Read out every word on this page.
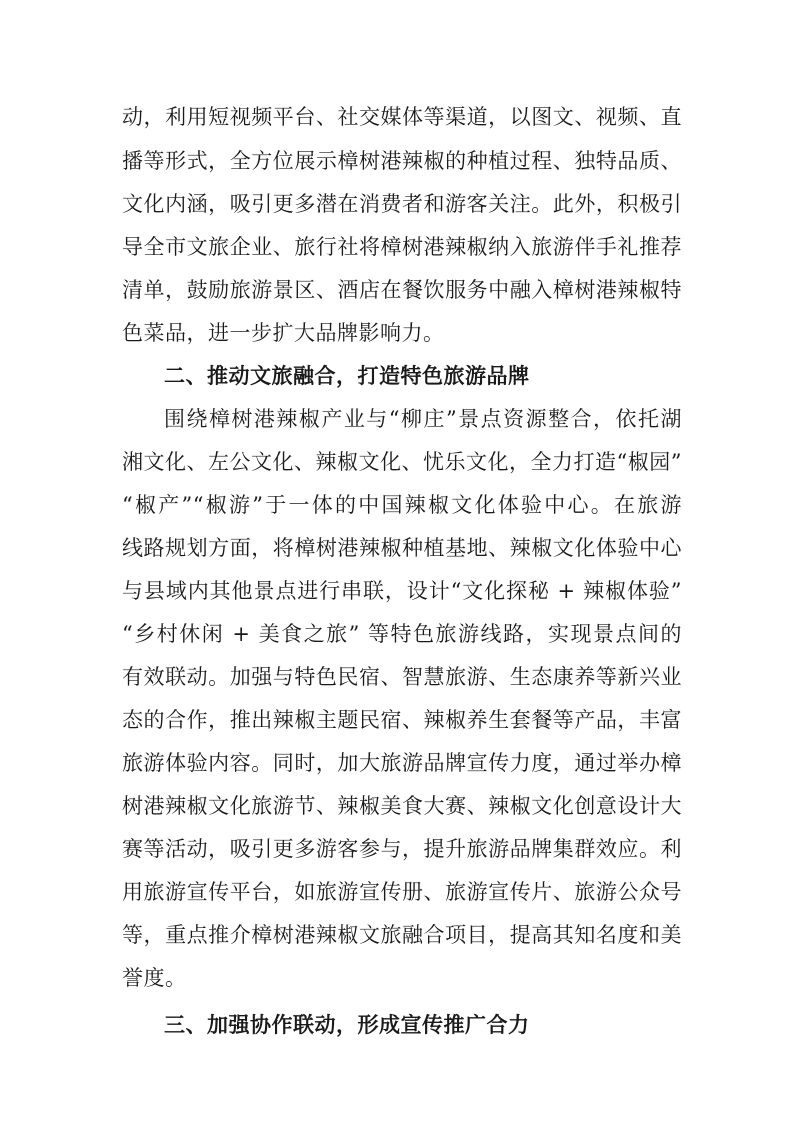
动，利用短视频平台、社交媒体等渠道，以图文、视频、直
播等形式，全方位展示樟树港辣椒的种植过程、独特品质、
文化内涵，吸引更多潜在消费者和游客关注。此外，积极引
导全市文旅企业、旅行社将樟树港辣椒纳入旅游伴手礼推荐
清单，鼓励旅游景区、酒店在餐饮服务中融入樟树港辣椒特
色菜品，进一步扩大品牌影响力。
二、推动文旅融合，打造特色旅游品牌
围绕樟树港辣椒产业与“柳庄”景点资源整合，依托湖
湘文化、左公文化、辣椒文化、忧乐文化，全力打造“椒园”
“椒产”“椒游”于一体的中国辣椒文化体验中心。在旅游
线路规划方面，将樟树港辣椒种植基地、辣椒文化体验中心
与县域内其他景点进行串联，设计“文化探秘 + 辣椒体验”
“乡村休闲 + 美食之旅” 等特色旅游线路，实现景点间的
有效联动。加强与特色民宿、智慧旅游、生态康养等新兴业
态的合作，推出辣椒主题民宿、辣椒养生套餐等产品，丰富
旅游体验内容。同时，加大旅游品牌宣传力度，通过举办樟
树港辣椒文化旅游节、辣椒美食大赛、辣椒文化创意设计大
赛等活动，吸引更多游客参与，提升旅游品牌集群效应。利
用旅游宣传平台，如旅游宣传册、旅游宣传片、旅游公众号
等，重点推介樟树港辣椒文旅融合项目，提高其知名度和美
誉度。
三、加强协作联动，形成宣传推广合力
